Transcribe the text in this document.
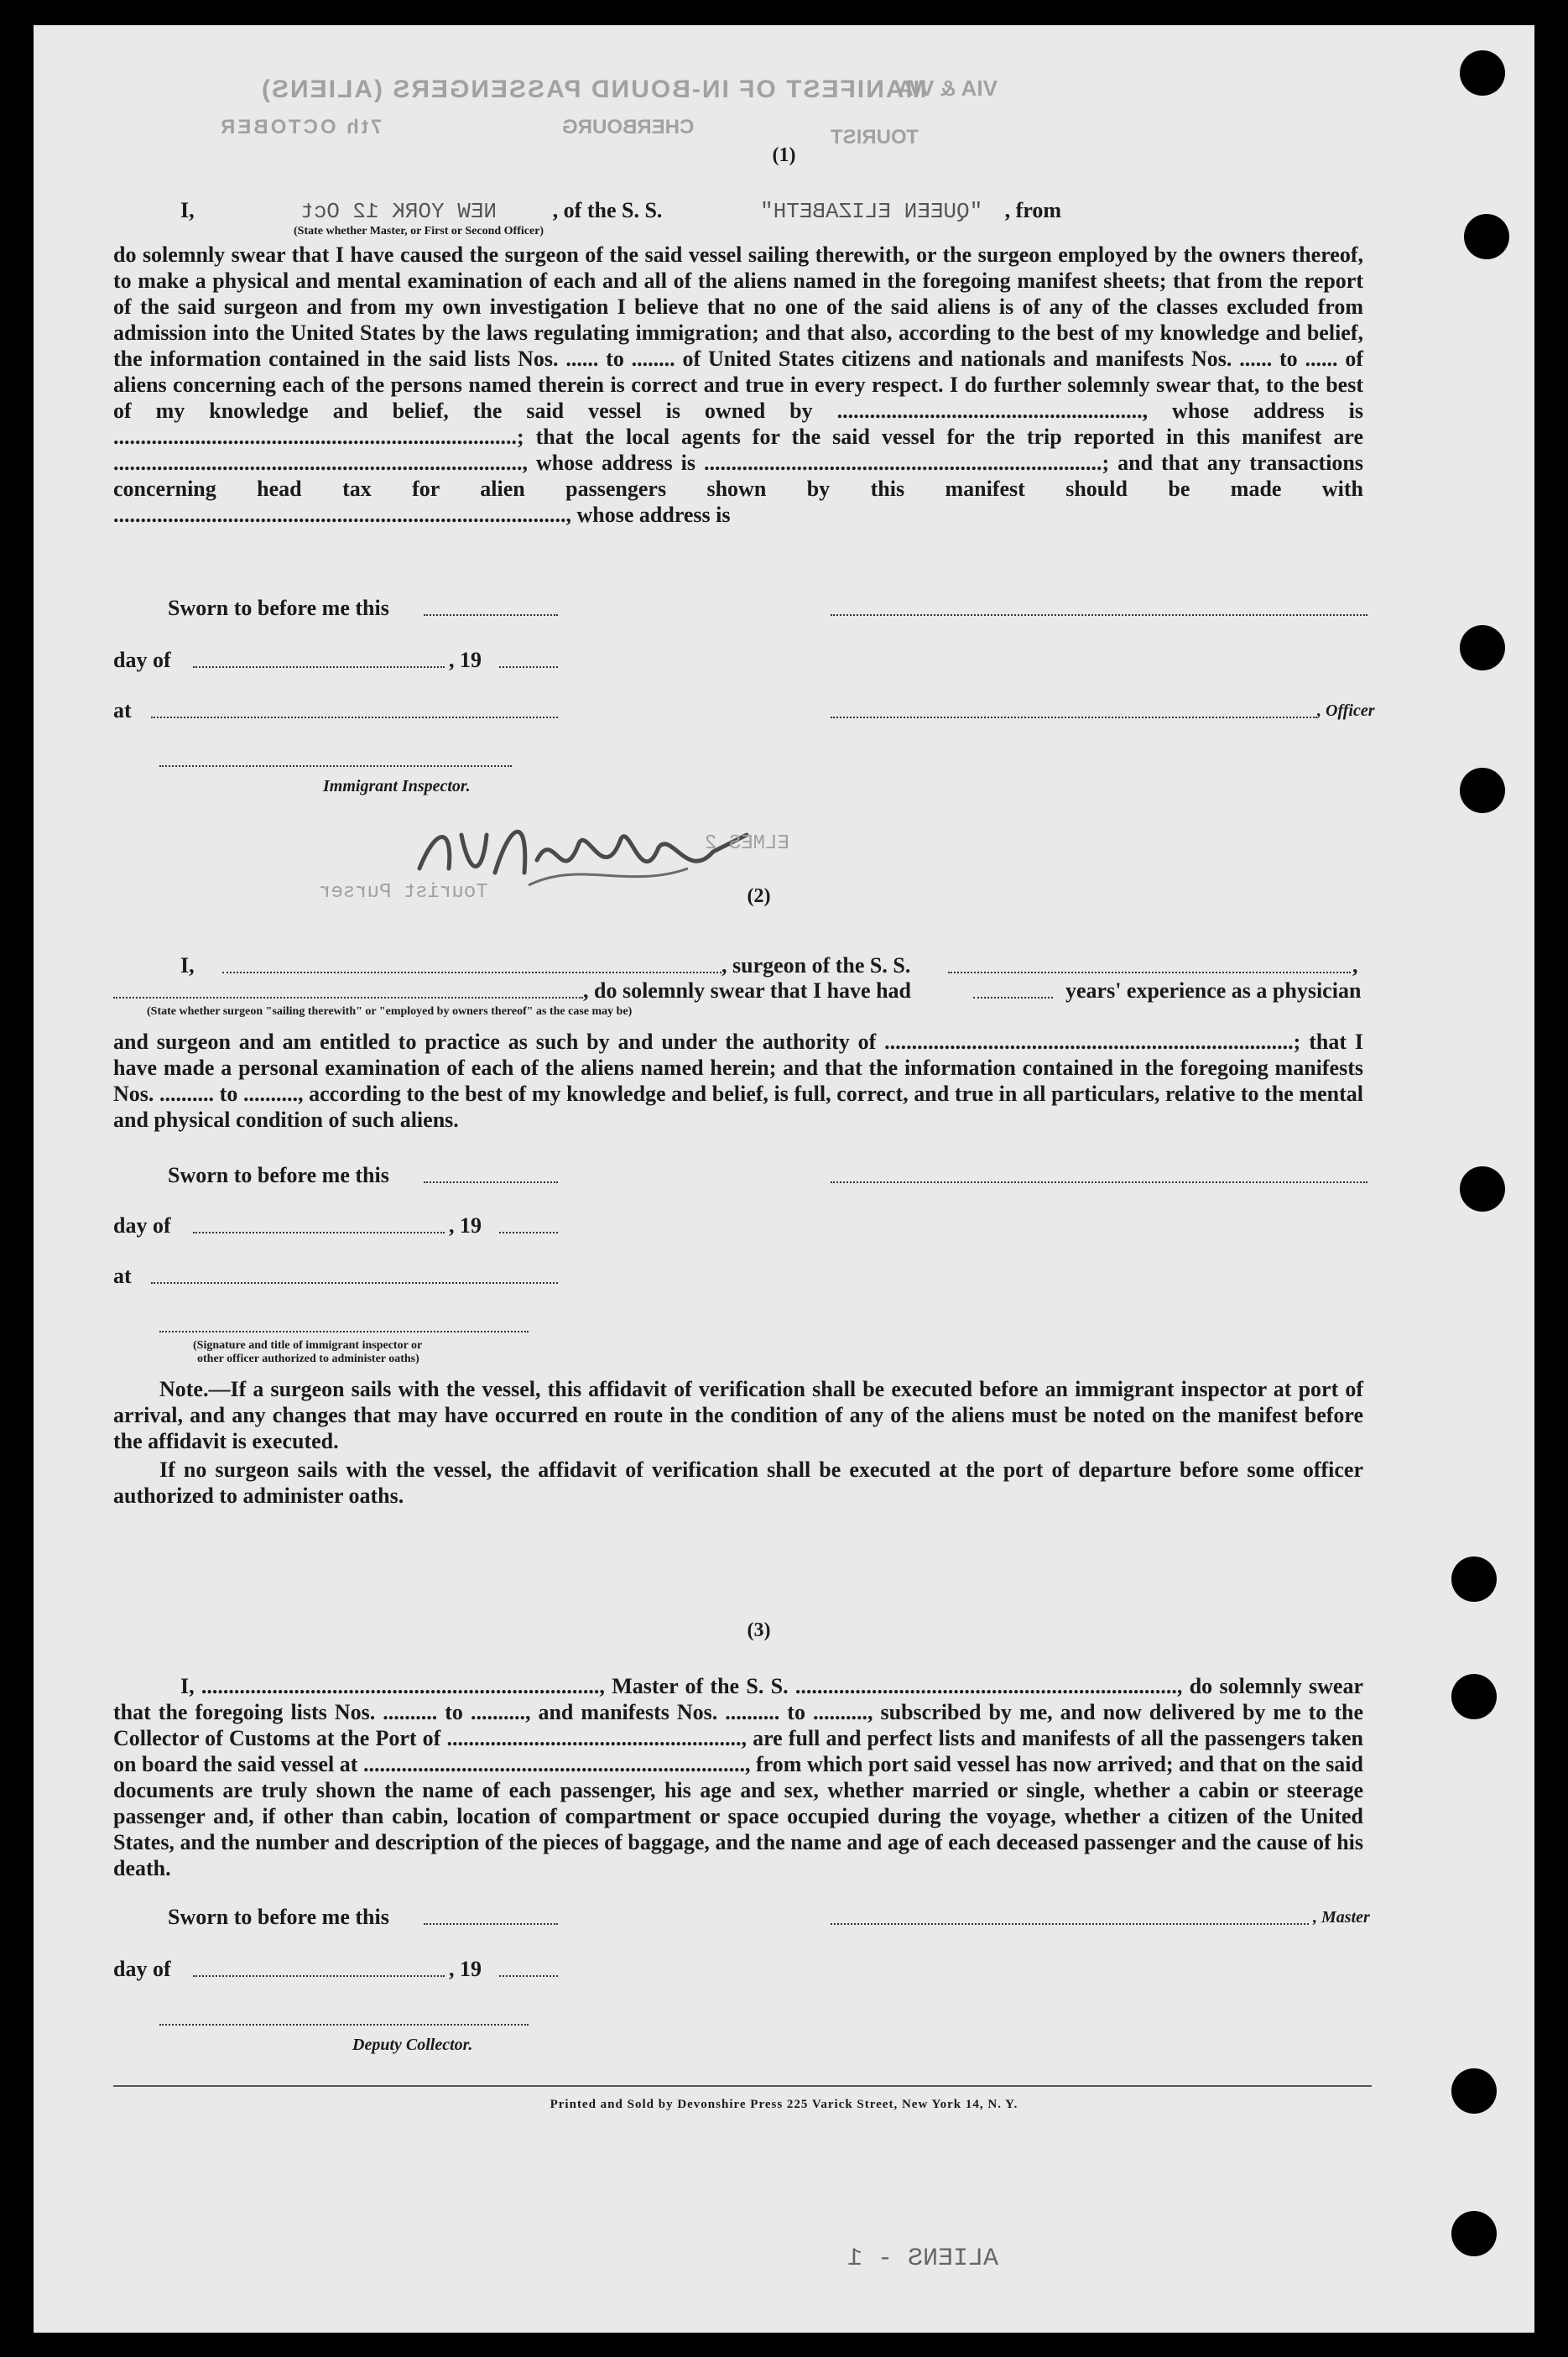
MANIFEST OF IN-BOUND PASSENGERS (ALIENS)
7th OCTOBER	CHERBOURG	TOURIST
VIA & VIA
(1)
I,	NEW YORK 12 Oct	, of the S. S.	"QUEEN ELIZABETH" , from
(State whether Master, or First or Second Officer)
do solemnly swear that I have caused the surgeon of the said vessel sailing therewith, or the surgeon employed by the owners thereof, to make a physical and mental examination of each and all of the aliens named in the foregoing manifest sheets; that from the report of the said surgeon and from my own investigation I believe that no one of the said aliens is of any of the classes excluded from admission into the United States by the laws regulating immigration; and that also, according to the best of my knowledge and belief, the information contained in the said lists Nos. ...... to ........ of United States citizens and nationals and manifests Nos. ...... to ...... of aliens concerning each of the persons named therein is correct and true in every respect. I do further solemnly swear that, to the best of my knowledge and belief, the said vessel is owned by ........................................................, whose address is ..........................................................................; that the local agents for the said vessel for the trip reported in this manifest are ..........................................................................., whose address is .........................................................................; and that any transactions concerning head tax for alien passengers shown by this manifest should be made with ..................................................................................., whose address is
Sworn to before me this
day of	, 19
at	, Officer
Immigrant Inspector.
ELMES 2
Tourist Purser	(2)
I,	, surgeon of the S. S.	,
, do solemnly swear that I have had	years' experience as a physician
(State whether surgeon "sailing therewith" or "employed by owners thereof" as the case may be)
and surgeon and am entitled to practice as such by and under the authority of ...........................................................................; that I have made a personal examination of each of the aliens named herein; and that the information contained in the foregoing manifests Nos. .......... to .........., according to the best of my knowledge and belief, is full, correct, and true in all particulars, relative to the mental and physical condition of such aliens.
Sworn to before me this
day of	, 19
at
(Signature and title of immigrant inspector or
other officer authorized to administer oaths)
Note.—If a surgeon sails with the vessel, this affidavit of verification shall be executed before an immigrant inspector at port of arrival, and any changes that may have occurred en route in the condition of any of the aliens must be noted on the manifest before the affidavit is executed.
If no surgeon sails with the vessel, the affidavit of verification shall be executed at the port of departure before some officer authorized to administer oaths.
(3)
I, ........................................................................., Master of the S. S. ......................................................................, do solemnly swear that the foregoing lists Nos. .......... to .........., and manifests Nos. .......... to .........., subscribed by me, and now delivered by me to the Collector of Customs at the Port of ......................................................, are full and perfect lists and manifests of all the passengers taken on board the said vessel at ......................................................................, from which port said vessel has now arrived; and that on the said documents are truly shown the name of each passenger, his age and sex, whether married or single, whether a cabin or steerage passenger and, if other than cabin, location of compartment or space occupied during the voyage, whether a citizen of the United States, and the number and description of the pieces of baggage, and the name and age of each deceased passenger and the cause of his death.
Sworn to before me this	, Master
day of	, 19
Deputy Collector.
Printed and Sold by Devonshire Press 225 Varick Street, New York 14, N. Y.
ALIENS - 1
